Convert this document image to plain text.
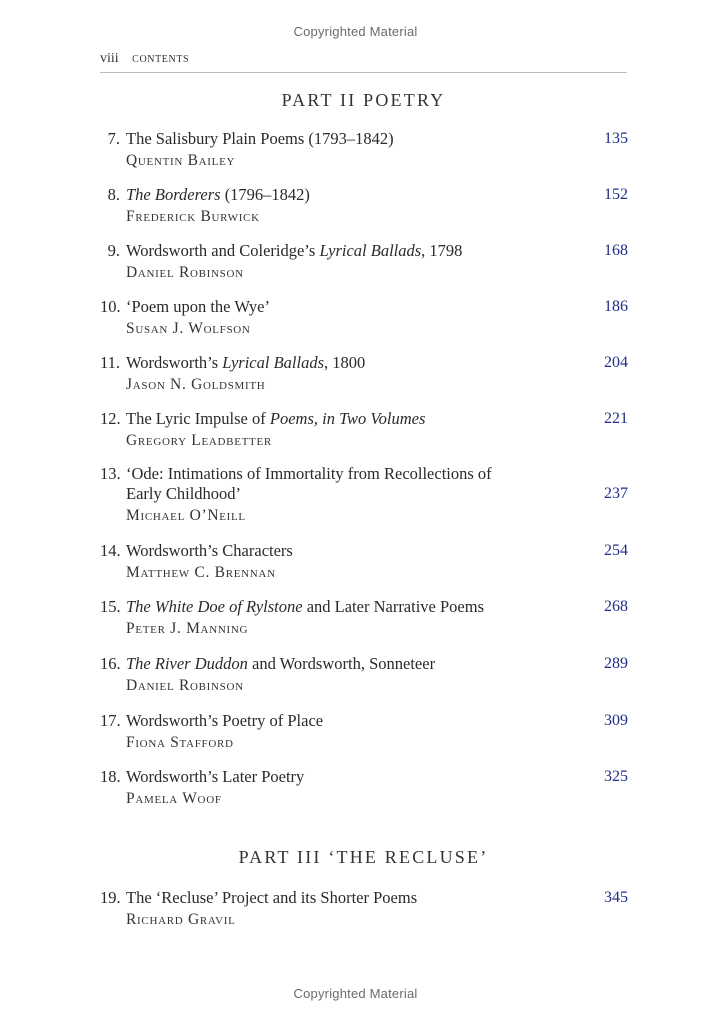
Copyrighted Material
viii contents
PART II POETRY
7. The Salisbury Plain Poems (1793–1842)	135
Quentin Bailey
8. The Borderers (1796–1842)	152
Frederick Burwick
9. Wordsworth and Coleridge’s Lyrical Ballads, 1798	168
Daniel Robinson
10. ‘Poem upon the Wye’	186
Susan J. Wolfson
11. Wordsworth’s Lyrical Ballads, 1800	204
Jason N. Goldsmith
12. The Lyric Impulse of Poems, in Two Volumes	221
Gregory Leadbetter
13. ‘Ode: Intimations of Immortality from Recollections of Early Childhood’	237
Michael O’Neill
14. Wordsworth’s Characters	254
Matthew C. Brennan
15. The White Doe of Rylstone and Later Narrative Poems	268
Peter J. Manning
16. The River Duddon and Wordsworth, Sonneteer	289
Daniel Robinson
17. Wordsworth’s Poetry of Place	309
Fiona Stafford
18. Wordsworth’s Later Poetry	325
Pamela Woof
PART III ‘THE RECLUSE’
19. The ‘Recluse’ Project and its Shorter Poems	345
Richard Gravil
Copyrighted Material
